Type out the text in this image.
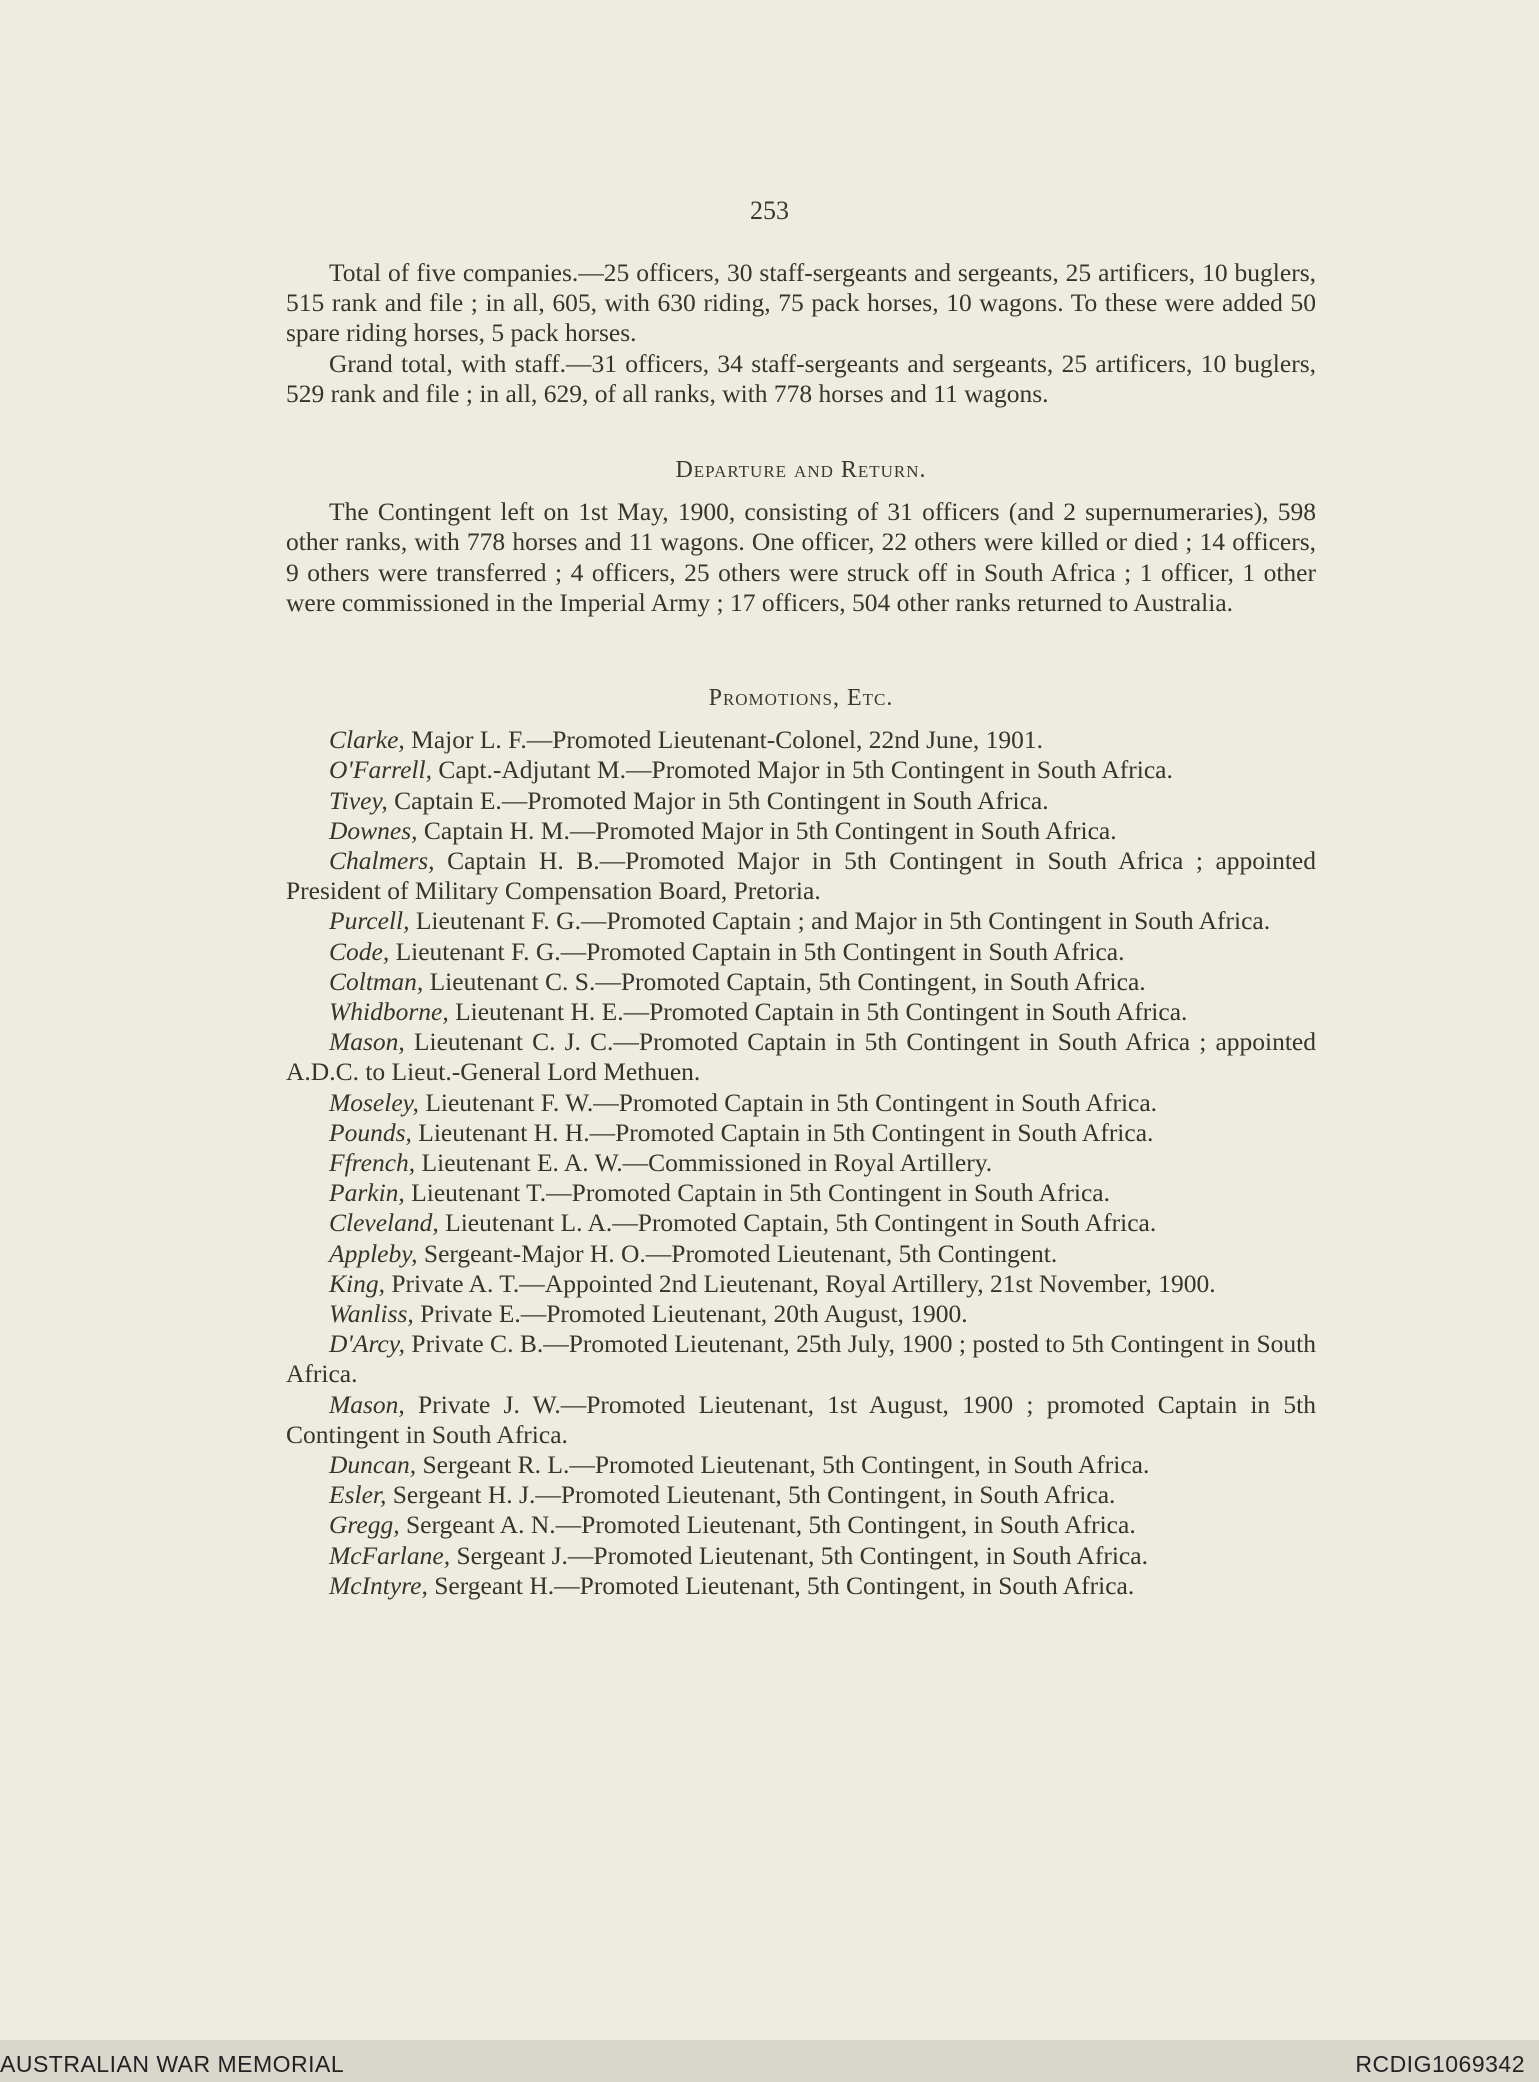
253

Total of five companies.—25 officers, 30 staff-sergeants and sergeants, 25 artificers, 10 buglers, 515 rank and file ; in all, 605, with 630 riding, 75 pack horses, 10 wagons. To these were added 50 spare riding horses, 5 pack horses.

Grand total, with staff.—31 officers, 34 staff-sergeants and sergeants, 25 artificers, 10 buglers, 529 rank and file ; in all, 629, of all ranks, with 778 horses and 11 wagons.

Departure and Return.

The Contingent left on 1st May, 1900, consisting of 31 officers (and 2 supernumeraries), 598 other ranks, with 778 horses and 11 wagons. One officer, 22 others were killed or died ; 14 officers, 9 others were transferred ; 4 officers, 25 others were struck off in South Africa ; 1 officer, 1 other were commissioned in the Imperial Army ; 17 officers, 504 other ranks returned to Australia.

Promotions, Etc.

Clarke, Major L. F.—Promoted Lieutenant-Colonel, 22nd June, 1901.

O'Farrell, Capt.-Adjutant M.—Promoted Major in 5th Contingent in South Africa.

Tivey, Captain E.—Promoted Major in 5th Contingent in South Africa.

Downes, Captain H. M.—Promoted Major in 5th Contingent in South Africa.

Chalmers, Captain H. B.—Promoted Major in 5th Contingent in South Africa ; appointed President of Military Compensation Board, Pretoria.

Purcell, Lieutenant F. G.—Promoted Captain ; and Major in 5th Contingent in South Africa.

Code, Lieutenant F. G.—Promoted Captain in 5th Contingent in South Africa.

Coltman, Lieutenant C. S.—Promoted Captain, 5th Contingent, in South Africa.

Whidborne, Lieutenant H. E.—Promoted Captain in 5th Contingent in South Africa.

Mason, Lieutenant C. J. C.—Promoted Captain in 5th Contingent in South Africa ; appointed A.D.C. to Lieut.-General Lord Methuen.

Moseley, Lieutenant F. W.—Promoted Captain in 5th Contingent in South Africa.

Pounds, Lieutenant H. H.—Promoted Captain in 5th Contingent in South Africa.

Ffrench, Lieutenant E. A. W.—Commissioned in Royal Artillery.

Parkin, Lieutenant T.—Promoted Captain in 5th Contingent in South Africa.

Cleveland, Lieutenant L. A.—Promoted Captain, 5th Contingent in South Africa.

Appleby, Sergeant-Major H. O.—Promoted Lieutenant, 5th Contingent.

King, Private A. T.—Appointed 2nd Lieutenant, Royal Artillery, 21st November, 1900.

Wanliss, Private E.—Promoted Lieutenant, 20th August, 1900.

D'Arcy, Private C. B.—Promoted Lieutenant, 25th July, 1900 ; posted to 5th Contingent in South Africa.

Mason, Private J. W.—Promoted Lieutenant, 1st August, 1900 ; promoted Captain in 5th Contingent in South Africa.

Duncan, Sergeant R. L.—Promoted Lieutenant, 5th Contingent, in South Africa.

Esler, Sergeant H. J.—Promoted Lieutenant, 5th Contingent, in South Africa.

Gregg, Sergeant A. N.—Promoted Lieutenant, 5th Contingent, in South Africa.

McFarlane, Sergeant J.—Promoted Lieutenant, 5th Contingent, in South Africa.

McIntyre, Sergeant H.—Promoted Lieutenant, 5th Contingent, in South Africa.

AUSTRALIAN WAR MEMORIAL	RCDIG1069342
